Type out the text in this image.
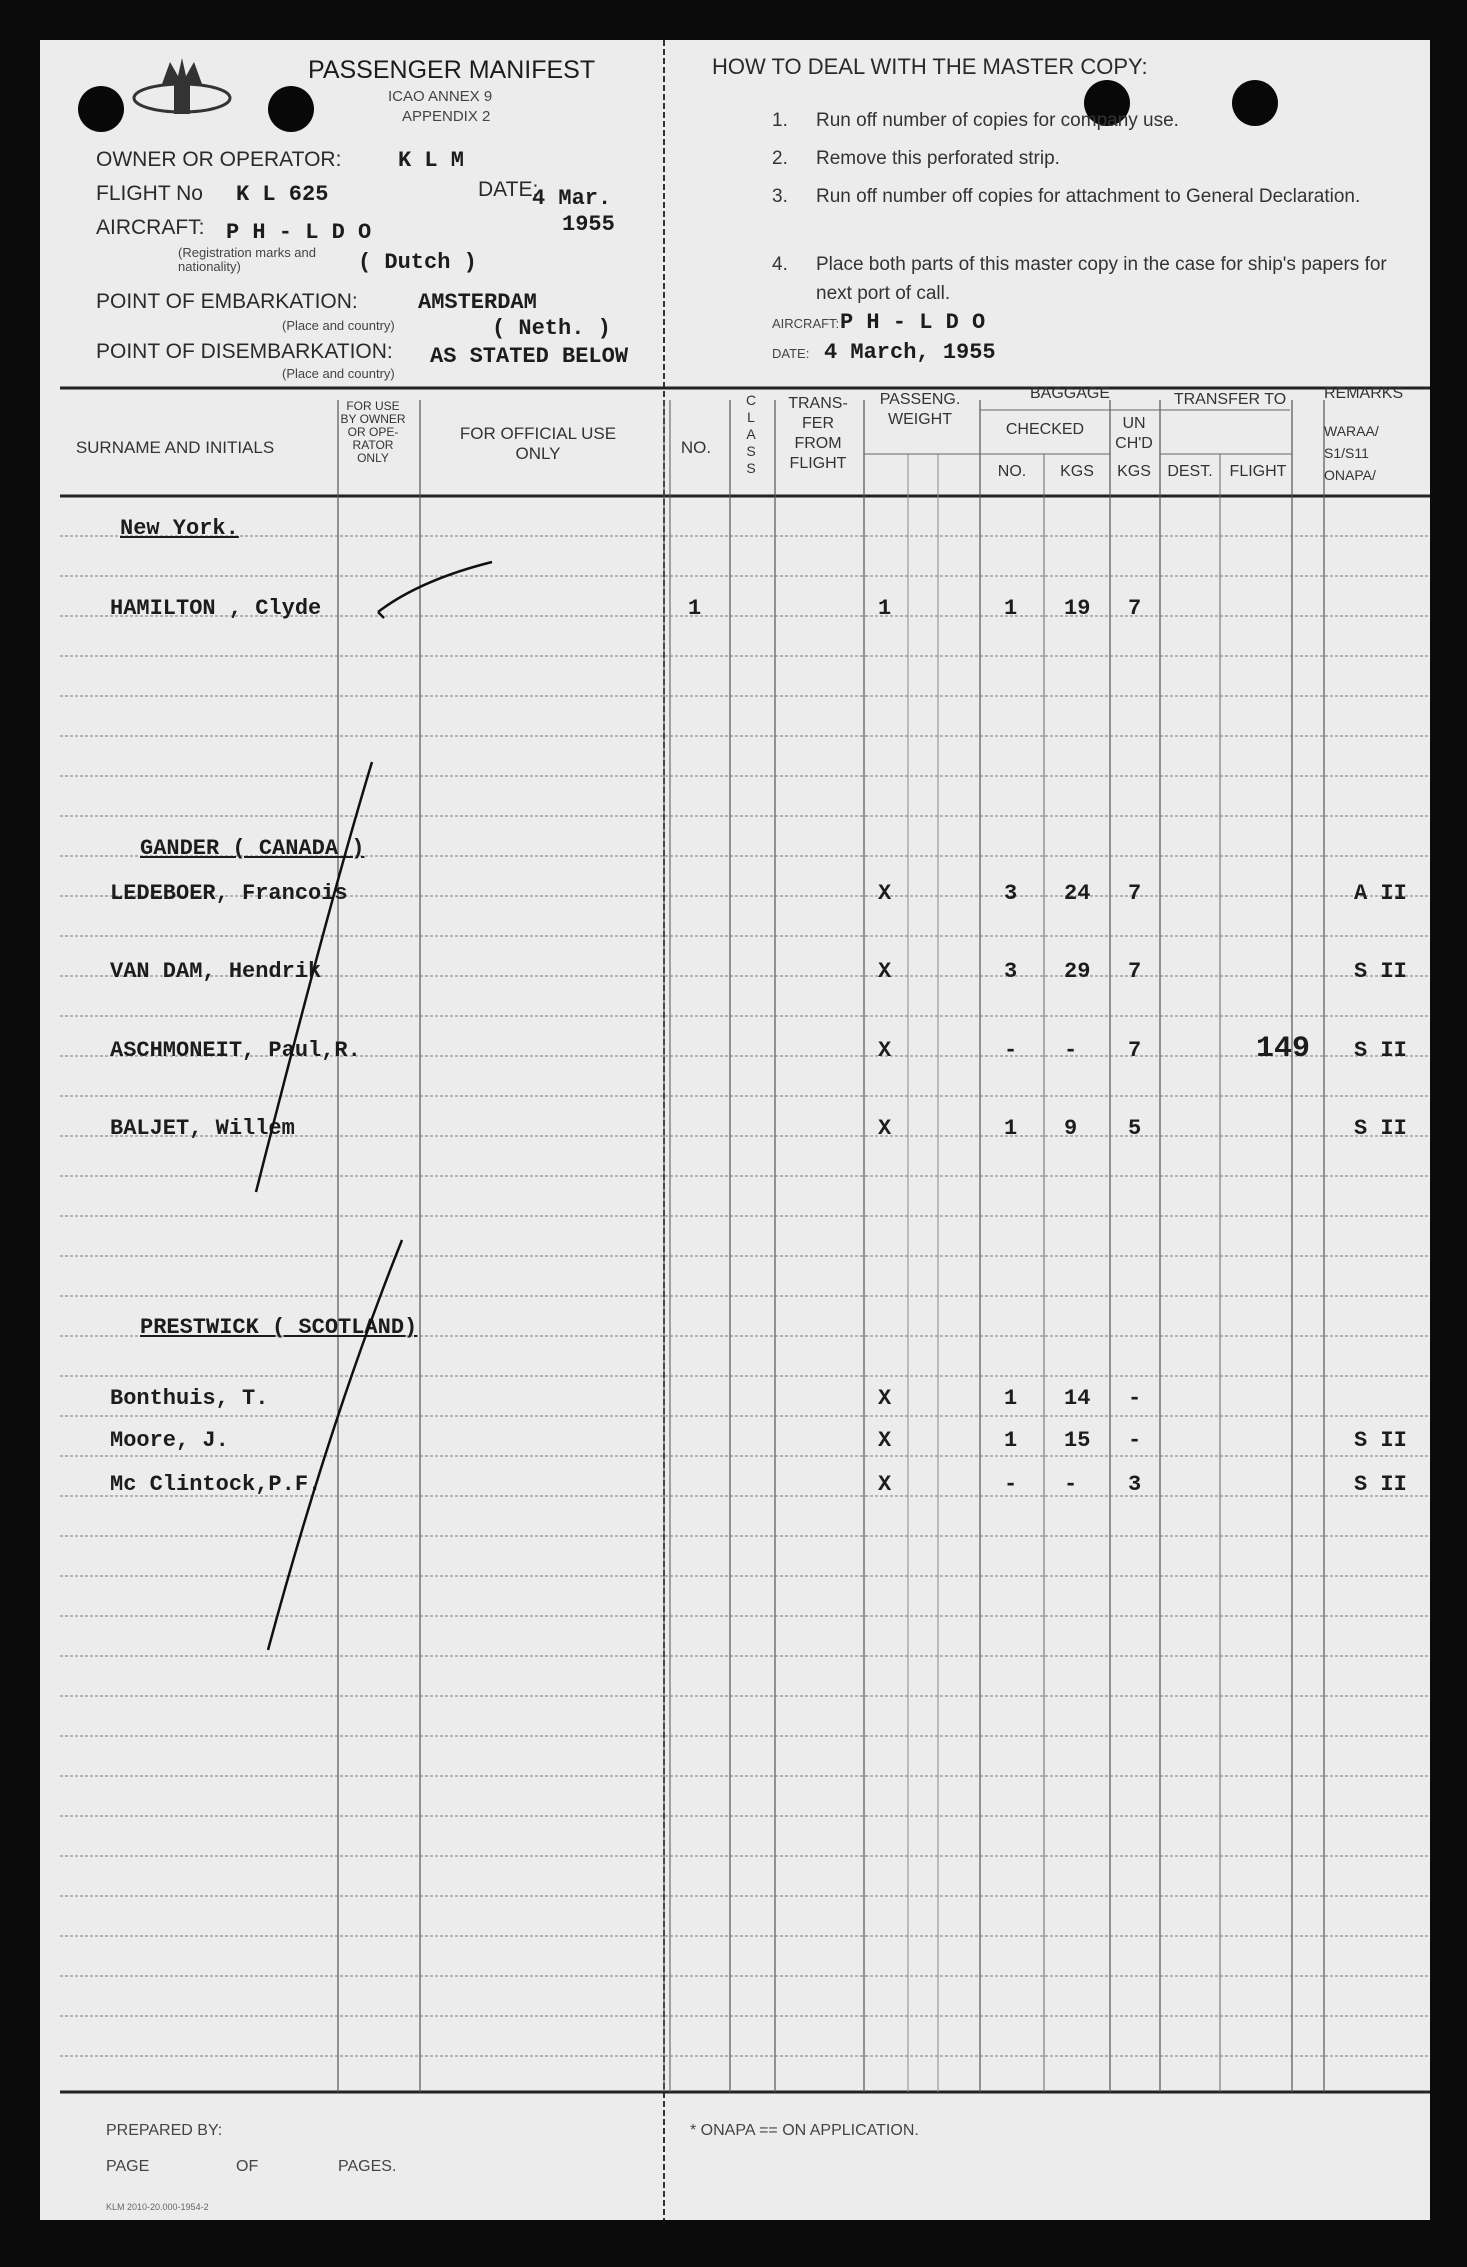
PASSENGER MANIFEST
ICAO ANNEX 9
APPENDIX 2
OWNER OR OPERATOR:	K L M
FLIGHT No K L 625	DATE:
4 Mar.
1955
AIRCRAFT: P H - L D O
(Registration marks and nationality)	( Dutch )
POINT OF EMBARKATION:	AMSTERDAM
(Place and country)	( Neth. )
POINT OF DISEMBARKATION: AS STATED BELOW
(Place and country)
HOW TO DEAL WITH THE MASTER COPY:
1. Run off number of copies for company use.
2. Remove this perforated strip.
3. Run off number off copies for attachment to General Declaration.
4. Place both parts of this master copy in the case for ship's papers for next port of call.
AIRCRAFT: P H - L D O
DATE: 4 March, 1955
SURNAME AND INITIALS
FOR USE BY OWNER OR OPE-RATOR ONLY
FOR OFFICIAL USE ONLY	NO.
C L A S S
TRANS-FER FROM FLIGHT
PASSENG. WEIGHT
BAGGAGE
CHECKED
NO.	KGS
UN CH'D
KGS
TRANSFER TO
DEST.	FLIGHT
REMARKS
WARAA/ S1/S11 ONAPA/
New York.
HAMILTON , Clyde	1	1	1 19 7
GANDER ( CANADA )
LEDEBOER, Francois	X	3 24 7	A II
VAN DAM, Hendrik	X	3 29 7	S II
ASCHMONEIT, Paul,R.	X	- - 7	149 S II
BALJET, Willem	X	1 9 5	S II
PRESTWICK ( SCOTLAND)
Bonthuis, T.	X	1 14 -
Moore, J.	X	1 15 -	S II
Mc Clintock,P.F.	X	- - 3	S II
PREPARED BY:
PAGE	OF	PAGES.
* ONAPA == ON APPLICATION.
KLM 2010-20.000-1954-2
